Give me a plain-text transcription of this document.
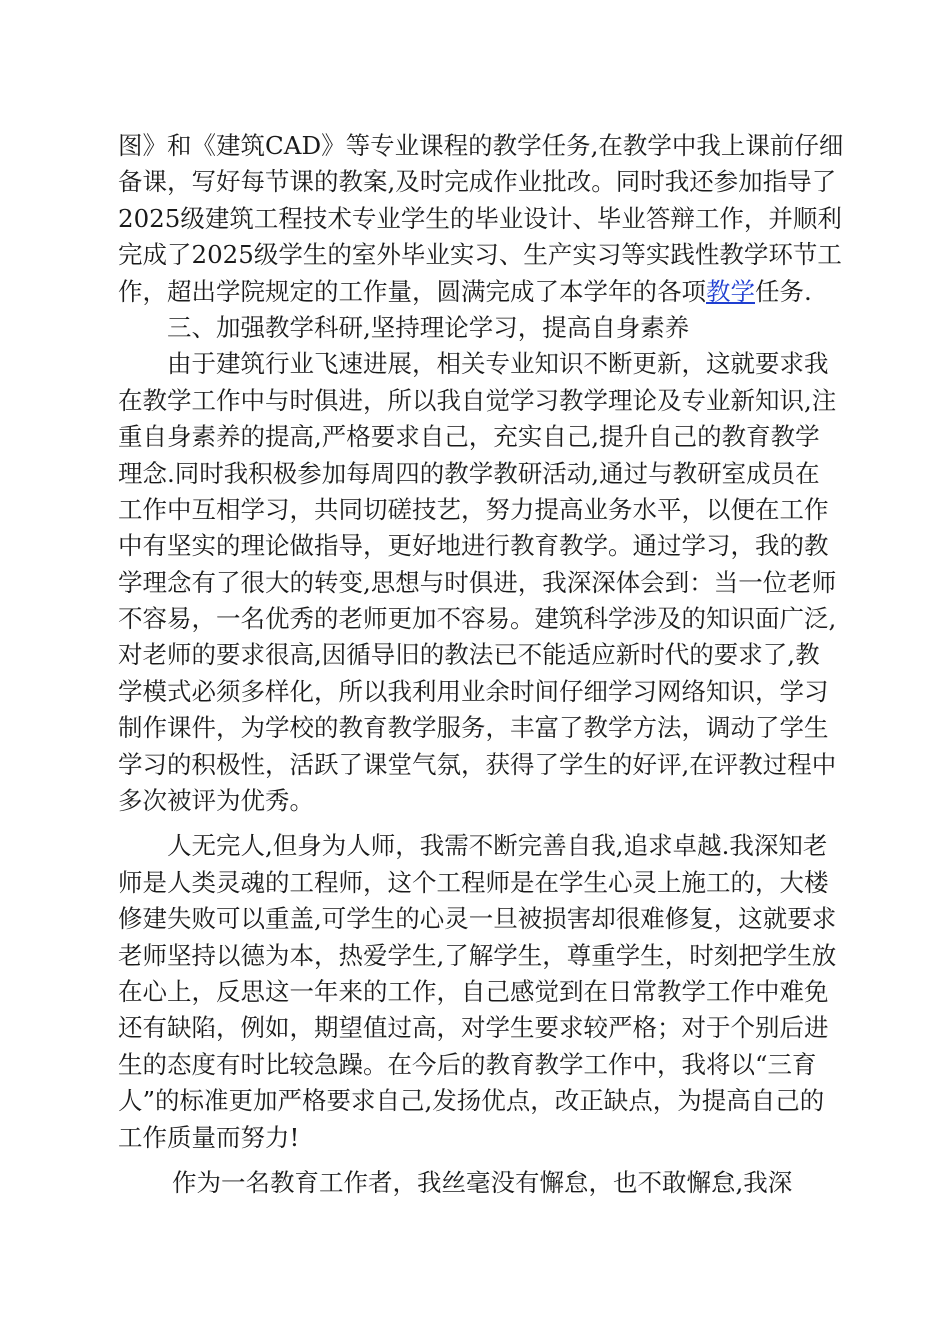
图》和《建筑CAD》等专业课程的教学任务,在教学中我上课前仔细
备课，写好每节课的教案,及时完成作业批改。同时我还参加指导了
2025级建筑工程技术专业学生的毕业设计、毕业答辩工作，并顺利
完成了2025级学生的室外毕业实习、生产实习等实践性教学环节工
作，超出学院规定的工作量，圆满完成了本学年的各项教学任务.
三、加强教学科研,坚持理论学习，提高自身素养
由于建筑行业飞速进展，相关专业知识不断更新，这就要求我
在教学工作中与时俱进，所以我自觉学习教学理论及专业新知识,注
重自身素养的提高,严格要求自己，充实自己,提升自己的教育教学
理念.同时我积极参加每周四的教学教研活动,通过与教研室成员在
工作中互相学习，共同切磋技艺，努力提高业务水平，以便在工作
中有坚实的理论做指导，更好地进行教育教学。通过学习，我的教
学理念有了很大的转变,思想与时俱进，我深深体会到：当一位老师
不容易，一名优秀的老师更加不容易。建筑科学涉及的知识面广泛,
对老师的要求很高,因循导旧的教法已不能适应新时代的要求了,教
学模式必须多样化，所以我利用业余时间仔细学习网络知识，学习
制作课件，为学校的教育教学服务，丰富了教学方法，调动了学生
学习的积极性，活跃了课堂气氛，获得了学生的好评,在评教过程中
多次被评为优秀。
人无完人,但身为人师，我需不断完善自我,追求卓越.我深知老
师是人类灵魂的工程师，这个工程师是在学生心灵上施工的，大楼
修建失败可以重盖,可学生的心灵一旦被损害却很难修复，这就要求
老师坚持以德为本，热爱学生,了解学生，尊重学生，时刻把学生放
在心上，反思这一年来的工作，自己感觉到在日常教学工作中难免
还有缺陷，例如，期望值过高，对学生要求较严格；对于个别后进
生的态度有时比较急躁。在今后的教育教学工作中，我将以“三育
人”的标准更加严格要求自己,发扬优点，改正缺点，为提高自己的
工作质量而努力!
作为一名教育工作者，我丝毫没有懈怠，也不敢懈怠,我深
